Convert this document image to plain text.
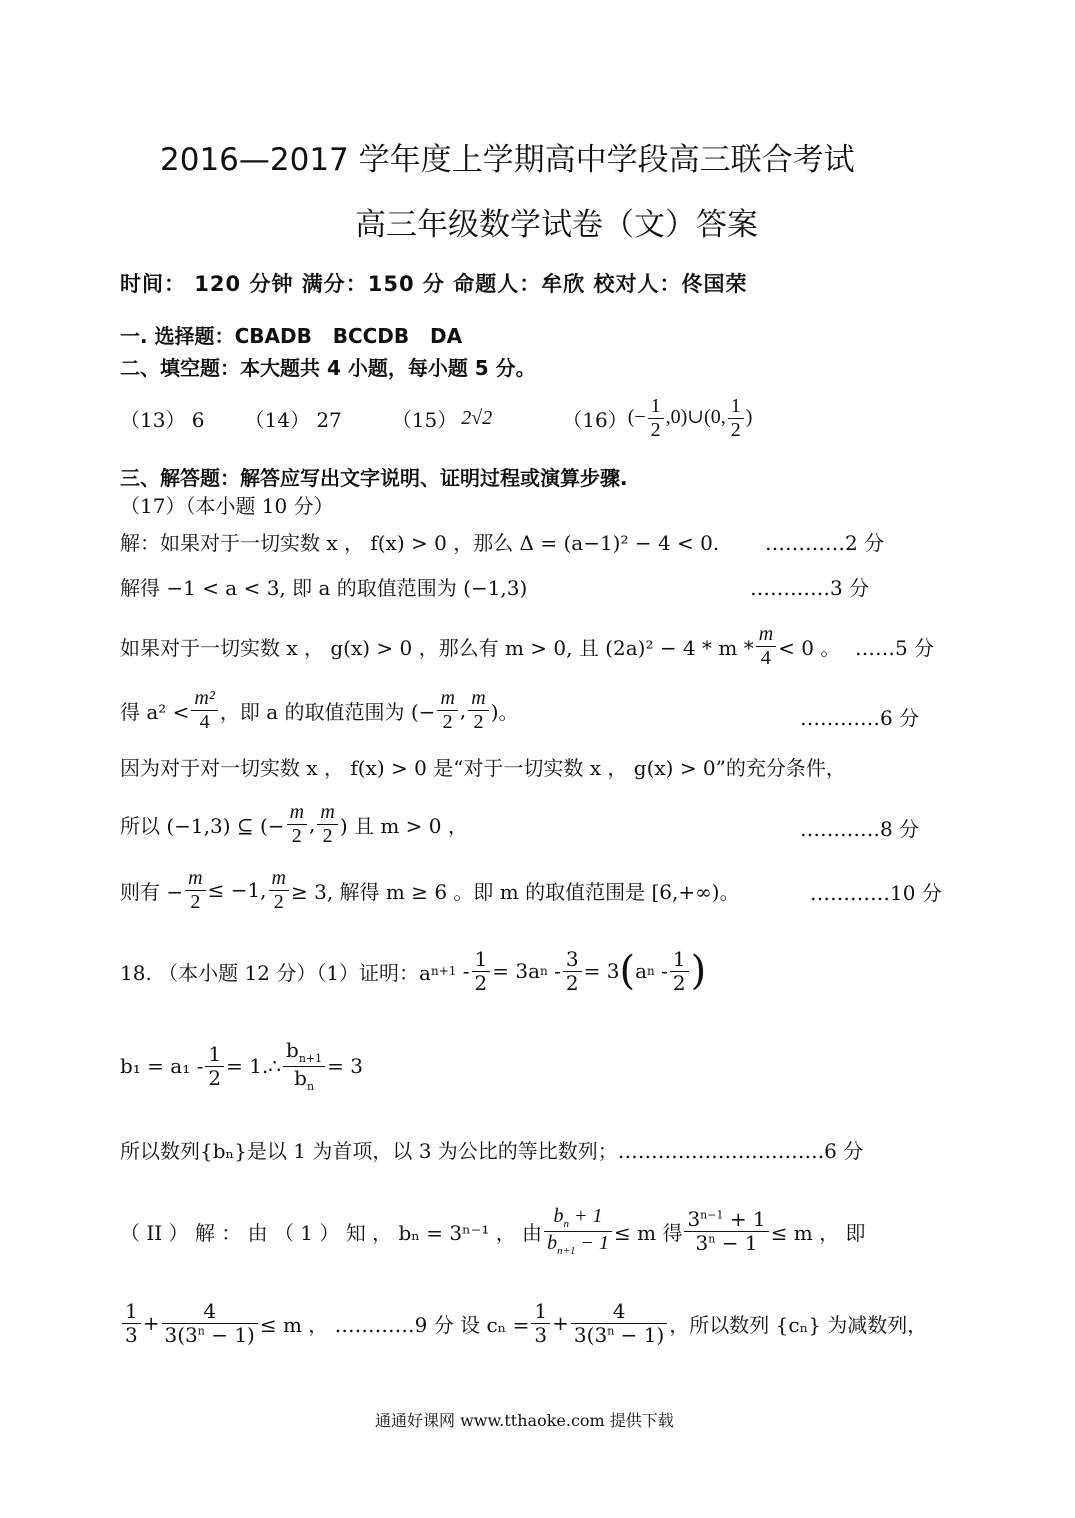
2016—2017 学年度上学期高中学段高三联合考试
高三年级数学试卷（文）答案
时间： 120 分钟 满分：150 分 命题人：牟欣 校对人：佟国荣
一. 选择题：CBADB   BCCDB   DA
二、填空题：本大题共 4 小题，每小题 5 分。
（13） 6 （14） 27	（15） 2√2	（16） (− $\frac{1}{2}$ ,0)∪(0, $\frac{1}{2}$ )
三、解答题：解答应写出文字说明、证明过程或演算步骤.
（17）（本小题 10 分）
解：如果对于一切实数 x ， f(x) > 0 ，那么 Δ = (a−1)² − 4 < 0. …………2 分
解得 −1 < a < 3, 即 a 的取值范围为 (−1,3)	…………3 分
如果对于一切实数 x ， g(x) > 0 ，那么有 m > 0, 且 $(2a)^2 - 4 * m * \frac{m}{4} < 0$ 。 ……5 分
得 $a^2 < \frac{\text{m²}}{4}$ ，即 a 的取值范围为 (− $\frac{m}{2}$ , $\frac{m}{2}$ )。	…………6 分
因为对于对一切实数 x ， f(x) > 0 是“对于一切实数 x ， g(x) > 0”的充分条件，
所以 (−1,3) ⊆ (− $\frac{m}{2}$ , $\frac{m}{2}$ ) 且 m > 0 ，	…………8 分
则有 − $\frac{m}{2} \le -1$, $\frac{m}{2} \ge 3$, 解得 m ≥ 6 。即 m 的取值范围是 [6,+∞)。	…………10 分
18. （本小题 12 分）（1）证明：a $n+1 - \frac{1}{2} = 3a$ $n - \frac{3}{2} = 3$ ( a n - $\frac{1}{2}$ )
$b_1 = a_1 - \frac{1}{2}$ = 1.∴ $\frac{b_{n+1}}{b_n} = 3$
所以数列{bₙ}是以 1 为首项，以 3 为公比的等比数列；………………………….6 分
（ II ） 解 ： 由 （ 1 ） 知 ， bₙ = 3ⁿ⁻¹ ， 由 $\frac{b_n + 1}{b_{n+1} - 1} \le m$ 得 $\frac{3^{n-1} + 1}{3^n - 1} \le m$ ， 即
$\frac{1}{3} + \frac{4}{3(3^n - 1)} \le m$ ， …………9 分 设 $c_n = \frac{1}{3} + \frac{4}{3(3^n - 1)}$ ，所以数列 {cₙ} 为减数列，
通通好课网 www.tthaoke.com 提供下载
